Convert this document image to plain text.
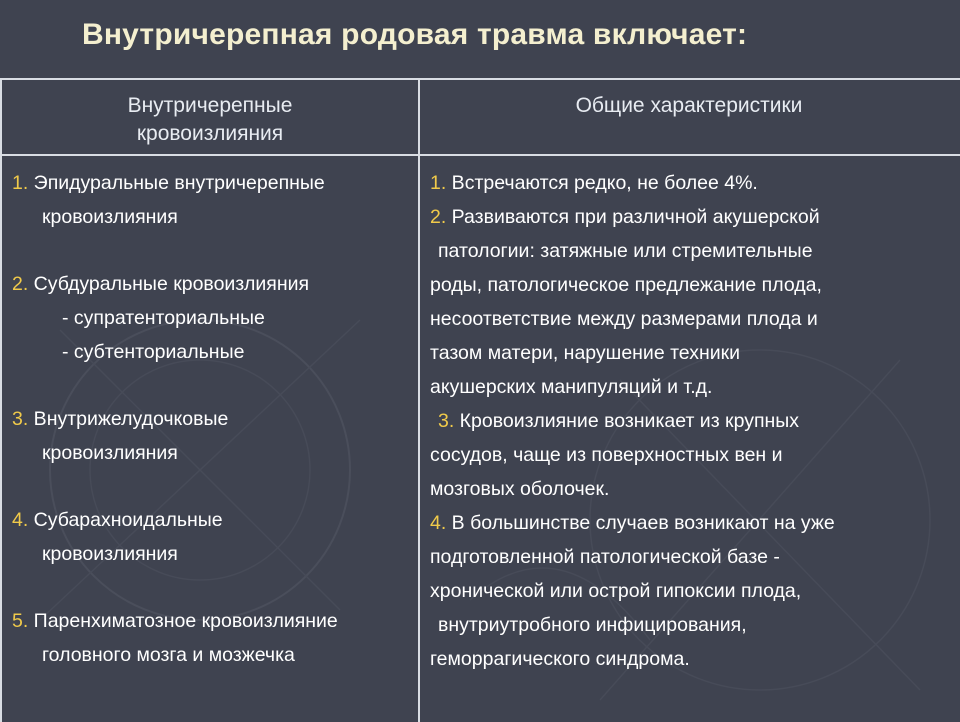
Внутричерепная родовая травма включает:
Внутричерепные
кровоизлияния
Общие характеристики
1. Эпидуральные внутричерепные
кровоизлияния
2. Субдуральные кровоизлияния
- супратенториальные
- субтенториальные
3. Внутрижелудочковые
кровоизлияния
4. Субарахноидальные
кровоизлияния
5. Паренхиматозное кровоизлияние
головного мозга и мозжечка
1. Встречаются редко, не более 4%.
2. Развиваются при различной акушерской
патологии: затяжные или стремительные
роды, патологическое предлежание плода,
несоответствие между размерами плода и
тазом матери, нарушение техники
акушерских манипуляций и т.д.
3. Кровоизлияние возникает из крупных
сосудов, чаще из поверхностных вен и
мозговых оболочек.
4. В большинстве случаев возникают на уже
подготовленной патологической базе -
хронической или острой гипоксии плода,
внутриутробного инфицирования,
геморрагического синдрома.
